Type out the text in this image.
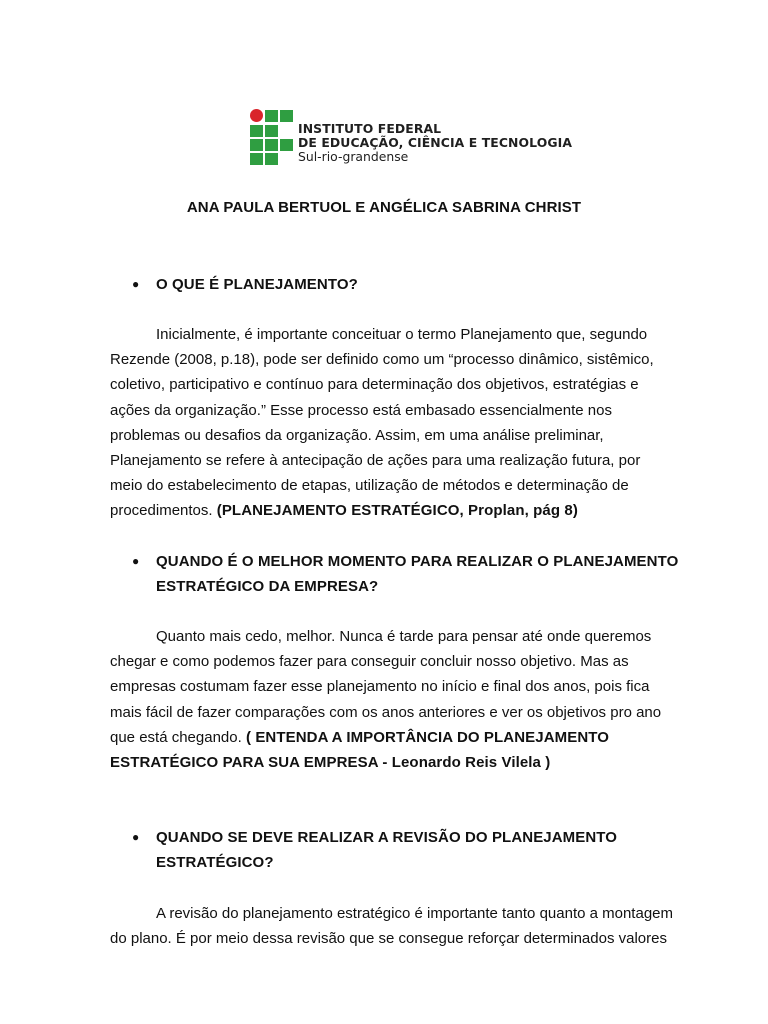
INSTITUTO FEDERAL
DE EDUCAÇÃO, CIÊNCIA E TECNOLOGIA
Sul-rio-grandense
ANA PAULA BERTUOL E ANGÉLICA SABRINA CHRIST
● O QUE É PLANEJAMENTO?
Inicialmente, é importante conceituar o termo Planejamento que, segundo
Rezende (2008, p.18), pode ser definido como um “processo dinâmico, sistêmico,
coletivo, participativo e contínuo para determinação dos objetivos, estratégias e
ações da organização.” Esse processo está embasado essencialmente nos
problemas ou desafios da organização. Assim, em uma análise preliminar,
Planejamento se refere à antecipação de ações para uma realização futura, por
meio do estabelecimento de etapas, utilização de métodos e determinação de
procedimentos. (PLANEJAMENTO ESTRATÉGICO, Proplan, pág 8)
● QUANDO É O MELHOR MOMENTO PARA REALIZAR O PLANEJAMENTO
ESTRATÉGICO DA EMPRESA?
Quanto mais cedo, melhor. Nunca é tarde para pensar até onde queremos
chegar e como podemos fazer para conseguir concluir nosso objetivo. Mas as
empresas costumam fazer esse planejamento no início e final dos anos, pois fica
mais fácil de fazer comparações com os anos anteriores e ver os objetivos pro ano
que está chegando. ( ENTENDA A IMPORTÂNCIA DO PLANEJAMENTO
ESTRATÉGICO PARA SUA EMPRESA - Leonardo Reis Vilela )
● QUANDO SE DEVE REALIZAR A REVISÃO DO PLANEJAMENTO
ESTRATÉGICO?
A revisão do planejamento estratégico é importante tanto quanto a montagem
do plano. É por meio dessa revisão que se consegue reforçar determinados valores
